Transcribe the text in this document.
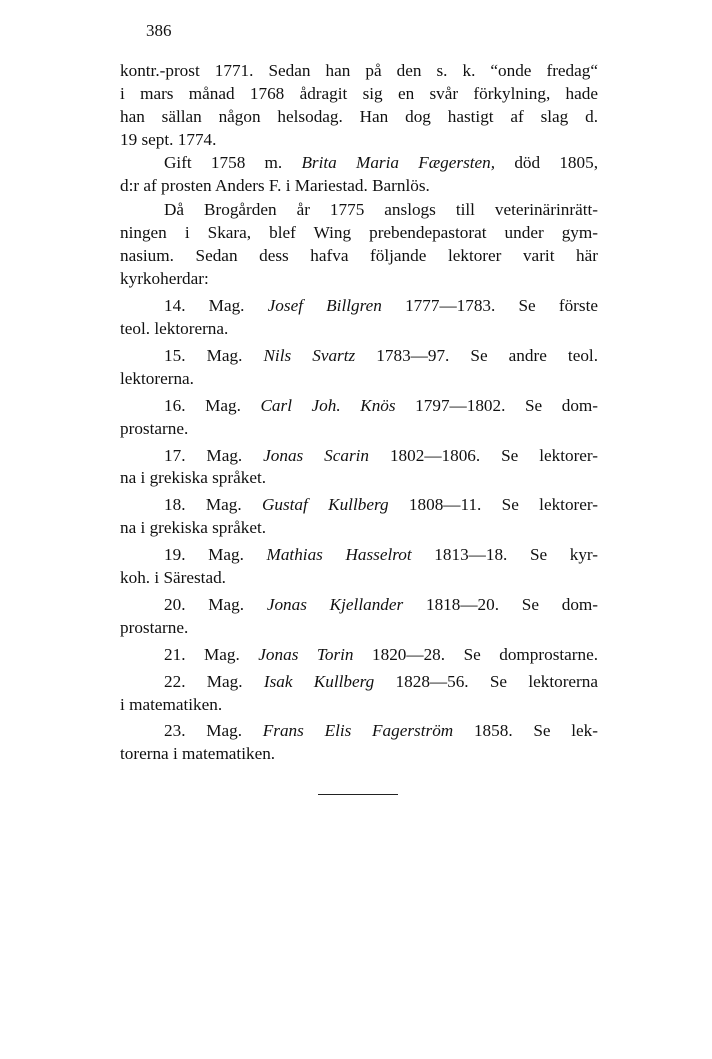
386
kontr.-prost 1771. Sedan han på den s. k. “onde fredag“
i mars månad 1768 ådragit sig en svår förkylning, hade
han sällan någon helsodag. Han dog hastigt af slag d.
19 sept. 1774.
Gift 1758 m. Brita Maria Fægersten, död 1805,
d:r af prosten Anders F. i Mariestad. Barnlös.
Då Brogården år 1775 anslogs till veterinärinrätt-
ningen i Skara, blef Wing prebendepastorat under gym-
nasium. Sedan dess hafva följande lektorer varit här
kyrkoherdar:
14. Mag. Josef Billgren 1777—1783. Se förste
teol. lektorerna.
15. Mag. Nils Svartz 1783—97. Se andre teol.
lektorerna.
16. Mag. Carl Joh. Knös 1797—1802. Se dom-
prostarne.
17. Mag. Jonas Scarin 1802—1806. Se lektorer-
na i grekiska språket.
18. Mag. Gustaf Kullberg 1808—11. Se lektorer-
na i grekiska språket.
19. Mag. Mathias Hasselrot 1813—18. Se kyr-
koh. i Särestad.
20. Mag. Jonas Kjellander 1818—20. Se dom-
prostarne.
21. Mag. Jonas Torin 1820—28. Se domprostarne.
22. Mag. Isak Kullberg 1828—56. Se lektorerna
i matematiken.
23. Mag. Frans Elis Fagerström 1858. Se lek-
torerna i matematiken.
